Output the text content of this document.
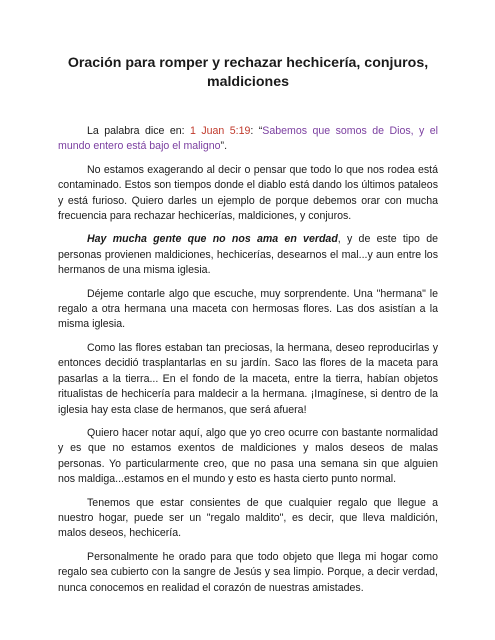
Oración para romper y rechazar hechicería, conjuros, maldiciones

La palabra dice en: 1 Juan 5:19: “Sabemos que somos de Dios, y el mundo entero está bajo el maligno”.

No estamos exagerando al decir o pensar que todo lo que nos rodea está contaminado. Estos son tiempos donde el diablo está dando los últimos pataleos y está furioso. Quiero darles un ejemplo de porque debemos orar con mucha frecuencia para rechazar hechicerías, maldiciones, y conjuros.

Hay mucha gente que no nos ama en verdad, y de este tipo de personas provienen maldiciones, hechicerías, desearnos el mal...y aun entre los hermanos de una misma iglesia.

Déjeme contarle algo que escuche, muy sorprendente. Una "hermana" le regalo a otra hermana una maceta con hermosas flores. Las dos asistían a la misma iglesia.

Como las flores estaban tan preciosas, la hermana, deseo reproducirlas y entonces decidió trasplantarlas en su jardín. Saco las flores de la maceta para pasarlas a la tierra... En el fondo de la maceta, entre la tierra, habían objetos ritualistas de hechicería para maldecir a la hermana. ¡Imagínese, si dentro de la iglesia hay esta clase de hermanos, que será afuera!

Quiero hacer notar aquí, algo que yo creo ocurre con bastante normalidad y es que no estamos exentos de maldiciones y malos deseos de malas personas. Yo particularmente creo, que no pasa una semana sin que alguien nos maldiga...estamos en el mundo y esto es hasta cierto punto normal.

Tenemos que estar consientes de que cualquier regalo que llegue a nuestro hogar, puede ser un "regalo maldito", es decir, que lleva maldición, malos deseos, hechicería.

Personalmente he orado para que todo objeto que llega mi hogar como regalo sea cubierto con la sangre de Jesús y sea limpio. Porque, a decir verdad, nunca conocemos en realidad el corazón de nuestras amistades.
